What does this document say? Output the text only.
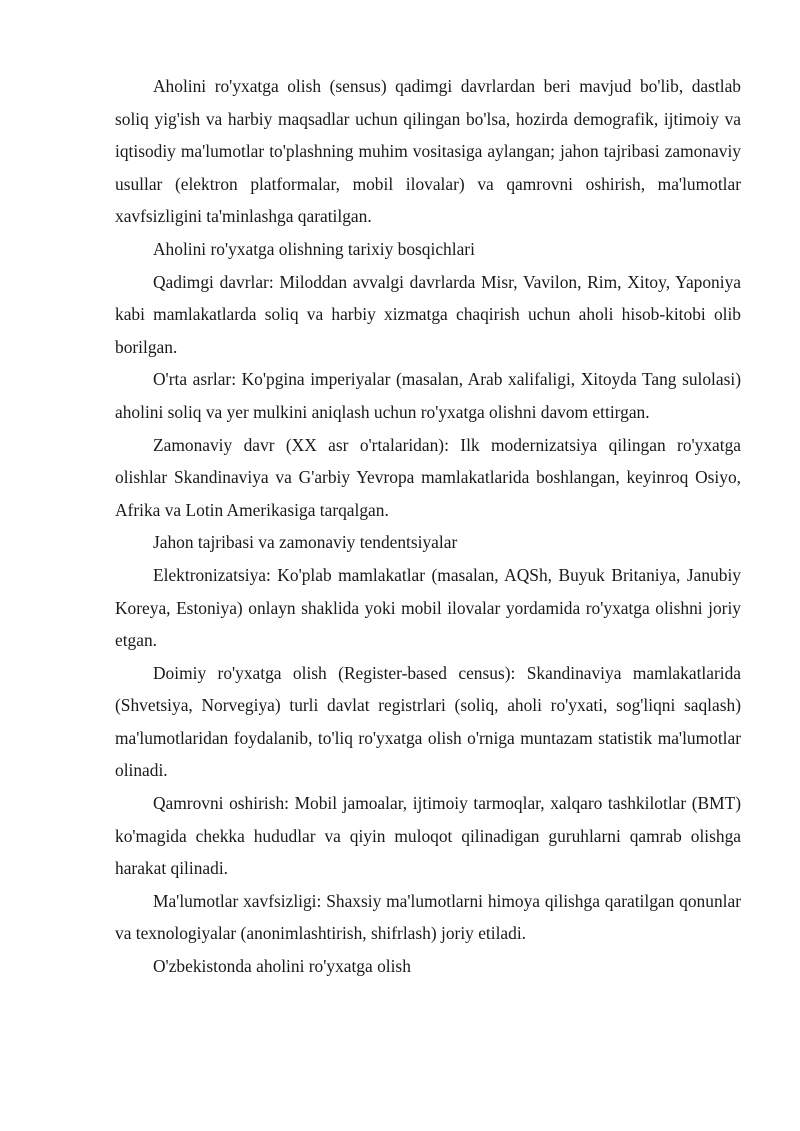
Aholini ro'yxatga olish (sensus) qadimgi davrlardan beri mavjud bo'lib, dastlab soliq yig'ish va harbiy maqsadlar uchun qilingan bo'lsa, hozirda demografik, ijtimoiy va iqtisodiy ma'lumotlar to'plashning muhim vositasiga aylangan; jahon tajribasi zamonaviy usullar (elektron platformalar, mobil ilovalar) va qamrovni oshirish, ma'lumotlar xavfsizligini ta'minlashga qaratilgan.

Aholini ro'yxatga olishning tarixiy bosqichlari

Qadimgi davrlar: Miloddan avvalgi davrlarda Misr, Vavilon, Rim, Xitoy, Yaponiya kabi mamlakatlarda soliq va harbiy xizmatga chaqirish uchun aholi hisob-kitobi olib borilgan.

O'rta asrlar: Ko'pgina imperiyalar (masalan, Arab xalifaligi, Xitoyda Tang sulolasi) aholini soliq va yer mulkini aniqlash uchun ro'yxatga olishni davom ettirgan.

Zamonaviy davr (XX asr o'rtalaridan): Ilk modernizatsiya qilingan ro'yxatga olishlar Skandinaviya va G'arbiy Yevropa mamlakatlarida boshlangan, keyinroq Osiyo, Afrika va Lotin Amerikasiga tarqalgan.

Jahon tajribasi va zamonaviy tendentsiyalar

Elektronizatsiya: Ko'plab mamlakatlar (masalan, AQSh, Buyuk Britaniya, Janubiy Koreya, Estoniya) onlayn shaklida yoki mobil ilovalar yordamida ro'yxatga olishni joriy etgan.

Doimiy ro'yxatga olish (Register-based census): Skandinaviya mamlakatlarida (Shvetsiya, Norvegiya) turli davlat registrlari (soliq, aholi ro'yxati, sog'liqni saqlash) ma'lumotlaridan foydalanib, to'liq ro'yxatga olish o'rniga muntazam statistik ma'lumotlar olinadi.

Qamrovni oshirish: Mobil jamoalar, ijtimoiy tarmoqlar, xalqaro tashkilotlar (BMT) ko'magida chekka hududlar va qiyin muloqot qilinadigan guruhlarni qamrab olishga harakat qilinadi.

Ma'lumotlar xavfsizligi: Shaxsiy ma'lumotlarni himoya qilishga qaratilgan qonunlar va texnologiyalar (anonimlashtirish, shifrlash) joriy etiladi.

O'zbekistonda aholini ro'yxatga olish
